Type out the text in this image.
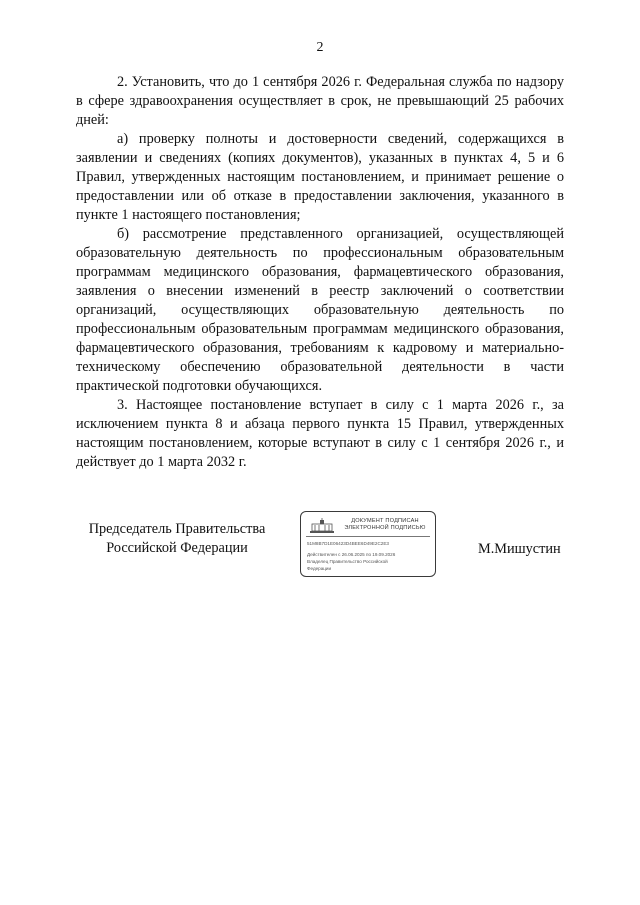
2

2. Установить, что до 1 сентября 2026 г. Федеральная служба по надзору в сфере здравоохранения осуществляет в срок, не превышающий 25 рабочих дней:

а) проверку полноты и достоверности сведений, содержащихся в заявлении и сведениях (копиях документов), указанных в пунктах 4, 5 и 6 Правил, утвержденных настоящим постановлением, и принимает решение о предоставлении или об отказе в предоставлении заключения, указанного в пункте 1 настоящего постановления;

б) рассмотрение представленного организацией, осуществляющей образовательную деятельность по профессиональным образовательным программам медицинского образования, фармацевтического образования, заявления о внесении изменений в реестр заключений о соответствии организаций, осуществляющих образовательную деятельность по профессиональным образовательным программам медицинского образования, фармацевтического образования, требованиям к кадровому и материально-техническому обеспечению образовательной деятельности в части практической подготовки обучающихся.

3. Настоящее постановление вступает в силу с 1 марта 2026 г., за исключением пункта 8 и абзаца первого пункта 15 Правил, утвержденных настоящим постановлением, которые вступают в силу с 1 сентября 2026 г., и действует до 1 марта 2032 г.

Председатель Правительства
Российской Федерации
ДОКУМЕНТ ПОДПИСАН
ЭЛЕКТРОННОЙ ПОДПИСЬЮ
51M8B7D1Е06423D4BEE6D49Е2C2E3
Действителен с 26.06.2025 по 19.09.2026
Владелец Правительство Российской
Федерации
М.Мишустин
